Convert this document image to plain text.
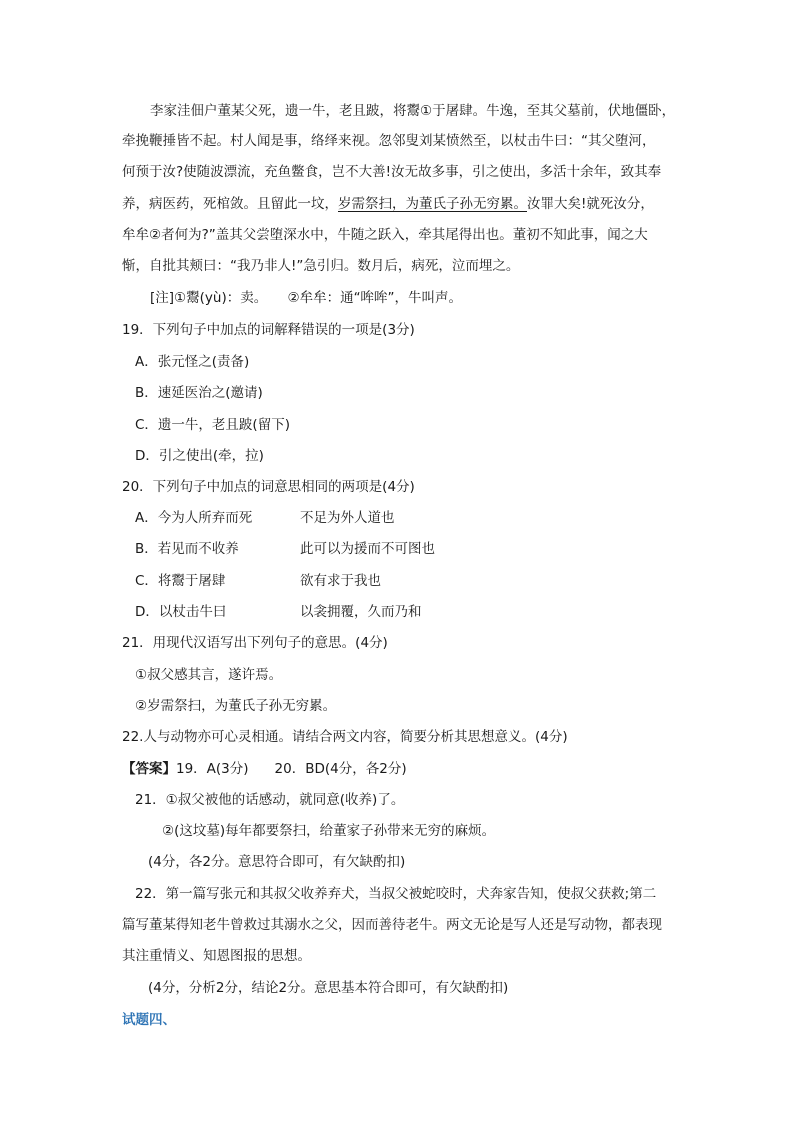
李家洼佃户董某父死，遗一牛，老且跛，将鬻①于屠肆。牛逸，至其父墓前，伏地僵卧，
牵挽鞭捶皆不起。村人闻是事，络绎来视。忽邻叟刘某愤然至，以杖击牛曰：“其父堕河，
何预于汝?使随波漂流，充鱼鳖食，岂不大善!汝无故多事，引之使出，多活十余年，致其奉
养，病医药，死棺敛。且留此一坟，岁需祭扫，为董氏子孙无穷累。汝罪大矣!就死汝分，
牟牟②者何为?”盖其父尝堕深水中，牛随之跃入，牵其尾得出也。董初不知此事，闻之大
惭，自批其颊曰：“我乃非人!”急引归。数月后，病死，泣而埋之。
[注]①鬻(yù)：卖。　　②牟牟：通“哞哞”，牛叫声。
19．下列句子中加点的词解释错误的一项是(3分)
A．张元怪之(责备)
B．速延医治之(邀请)
C．遗一牛，老且跛(留下)
D．引之使出(牵，拉)
20．下列句子中加点的词意思相同的两项是(4分)
A．今为人所弃而死	不足为外人道也
B．若见而不收养	此可以为援而不可图也
C．将鬻于屠肆	欲有求于我也
D．以杖击牛曰	以衾拥覆，久而乃和
21．用现代汉语写出下列句子的意思。(4分)
①叔父感其言，遂许焉。
②岁需祭扫，为董氏子孙无穷累。
22.人与动物亦可心灵相通。请结合两文内容，简要分析其思想意义。(4分)
【答案】19．A(3分) 20．BD(4分，各2分)
21．①叔父被他的话感动，就同意(收养)了。
②(这坟墓)每年都要祭扫，给董家子孙带来无穷的麻烦。
(4分，各2分。意思符合即可，有欠缺酌扣)
22．第一篇写张元和其叔父收养弃犬，当叔父被蛇咬时，犬奔家告知，使叔父获救;第二
篇写董某得知老牛曾救过其溺水之父，因而善待老牛。两文无论是写人还是写动物，都表现
其注重情义、知恩图报的思想。
(4分，分析2分，结论2分。意思基本符合即可，有欠缺酌扣)
试题四、
